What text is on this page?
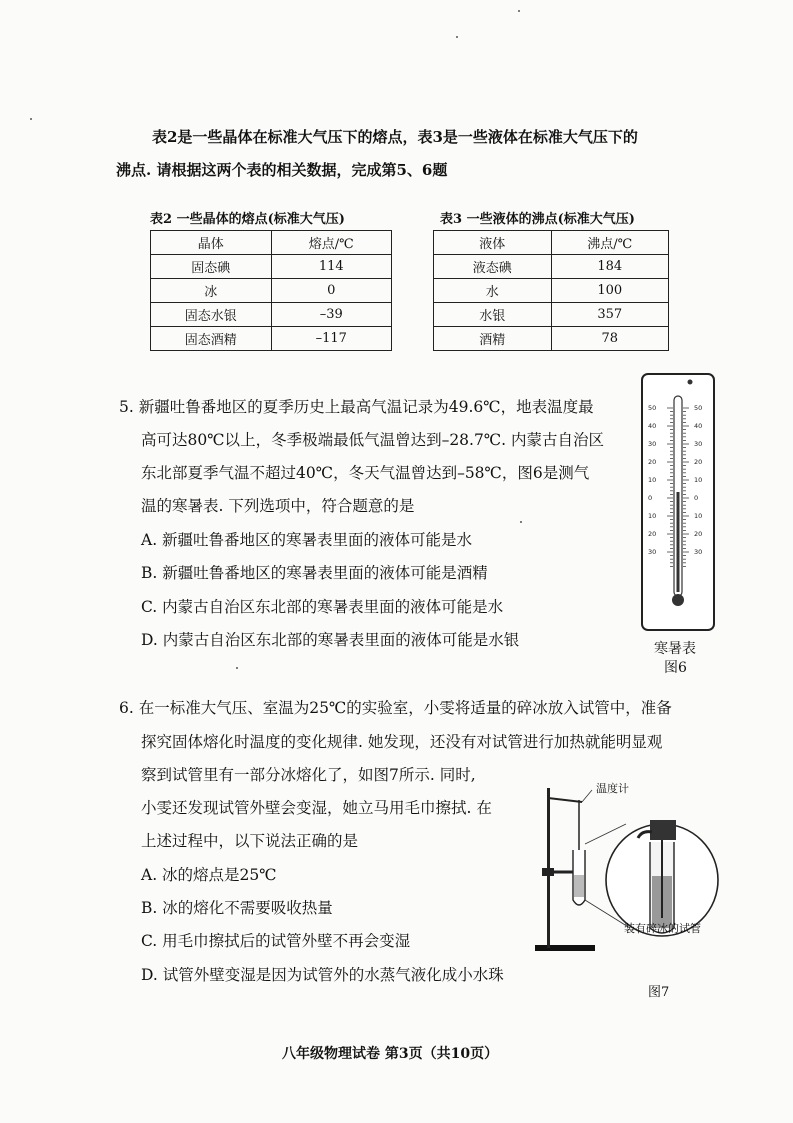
表2是一些晶体在标准大气压下的熔点，表3是一些液体在标准大气压下的
沸点. 请根据这两个表的相关数据，完成第5、6题
表2 一些晶体的熔点(标准大气压)
晶体	熔点/℃
固态碘	114
冰	0
固态水银	–39
固态酒精	–117
表3 一些液体的沸点(标准大气压)
液体	沸点/℃
液态碘	184
水	100
水银	357
酒精	78
5. 新疆吐鲁番地区的夏季历史上最高气温记录为49.6℃，地表温度最
高可达80℃以上，冬季极端最低气温曾达到–28.7℃. 内蒙古自治区
东北部夏季气温不超过40℃，冬天气温曾达到–58℃，图6是测气
温的寒暑表. 下列选项中，符合题意的是
A. 新疆吐鲁番地区的寒暑表里面的液体可能是水
B. 新疆吐鲁番地区的寒暑表里面的液体可能是酒精
C. 内蒙古自治区东北部的寒暑表里面的液体可能是水
D. 内蒙古自治区东北部的寒暑表里面的液体可能是水银
50	50
40	40
30	30
20	20
10	10
0	0
10	10
20	20
30	30
寒暑表
图6
6. 在一标准大气压、室温为25℃的实验室，小雯将适量的碎冰放入试管中，准备
探究固体熔化时温度的变化规律. 她发现，还没有对试管进行加热就能明显观
察到试管里有一部分冰熔化了，如图7所示. 同时,
小雯还发现试管外壁会变湿，她立马用毛巾擦拭. 在
上述过程中，以下说法正确的是
A. 冰的熔点是25℃
B. 冰的熔化不需要吸收热量
C. 用毛巾擦拭后的试管外壁不再会变湿
D. 试管外壁变湿是因为试管外的水蒸气液化成小水珠
温度计
装有碎冰的试管
图7
八年级物理试卷 第3页（共10页）
